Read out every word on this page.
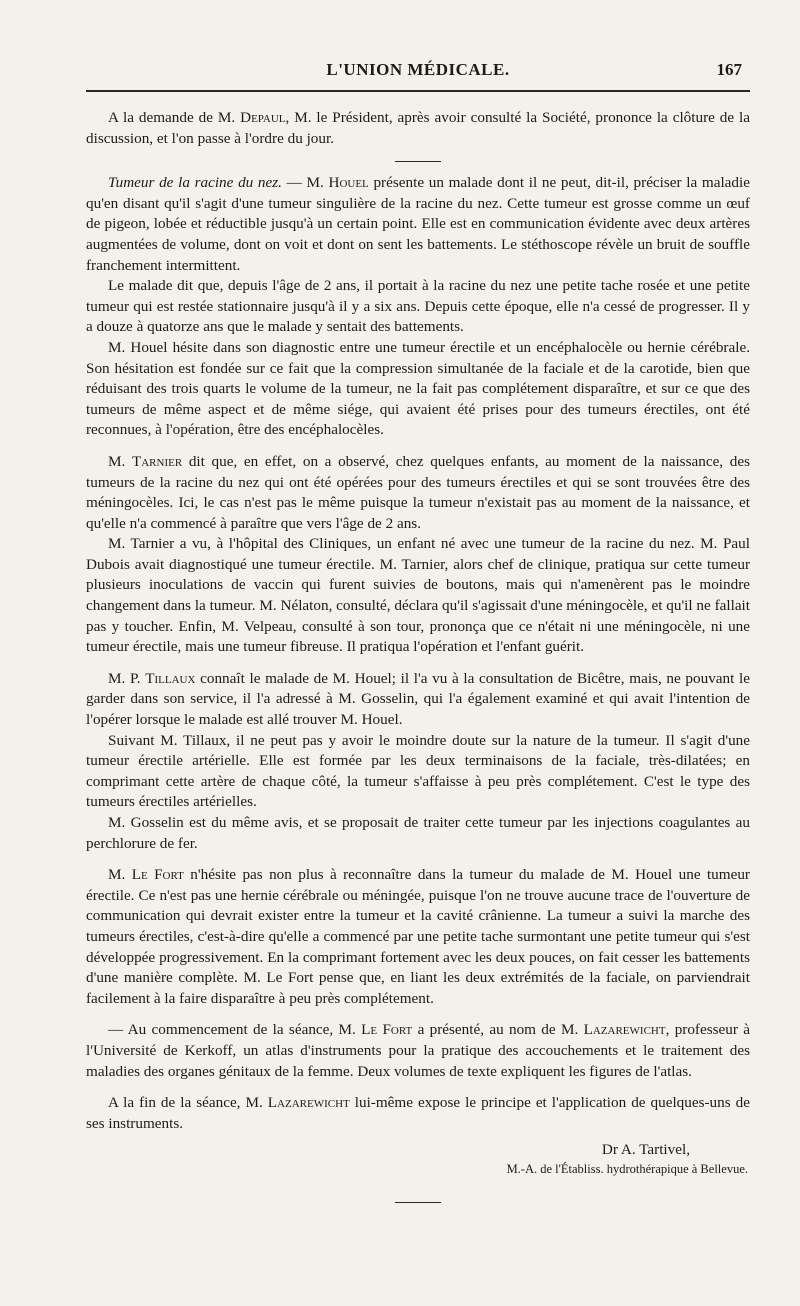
L'UNION MÉDICALE.	167

A la demande de M. Depaul, M. le Président, après avoir consulté la Société, prononce la clôture de la discussion, et l'on passe à l'ordre du jour.

Tumeur de la racine du nez. — M. Houel présente un malade dont il ne peut, dit-il, préciser la maladie qu'en disant qu'il s'agit d'une tumeur singulière de la racine du nez. Cette tumeur est grosse comme un œuf de pigeon, lobée et réductible jusqu'à un certain point. Elle est en communication évidente avec deux artères augmentées de volume, dont on voit et dont on sent les battements. Le stéthoscope révèle un bruit de souffle franchement intermittent.

Le malade dit que, depuis l'âge de 2 ans, il portait à la racine du nez une petite tache rosée et une petite tumeur qui est restée stationnaire jusqu'à il y a six ans. Depuis cette époque, elle n'a cessé de progresser. Il y a douze à quatorze ans que le malade y sentait des battements.

M. Houel hésite dans son diagnostic entre une tumeur érectile et un encéphalocèle ou hernie cérébrale. Son hésitation est fondée sur ce fait que la compression simultanée de la faciale et de la carotide, bien que réduisant des trois quarts le volume de la tumeur, ne la fait pas complétement disparaître, et sur ce que des tumeurs de même aspect et de même siége, qui avaient été prises pour des tumeurs érectiles, ont été reconnues, à l'opération, être des encéphalocèles.

M. Tarnier dit que, en effet, on a observé, chez quelques enfants, au moment de la naissance, des tumeurs de la racine du nez qui ont été opérées pour des tumeurs érectiles et qui se sont trouvées être des méningocèles. Ici, le cas n'est pas le même puisque la tumeur n'existait pas au moment de la naissance, et qu'elle n'a commencé à paraître que vers l'âge de 2 ans.

M. Tarnier a vu, à l'hôpital des Cliniques, un enfant né avec une tumeur de la racine du nez. M. Paul Dubois avait diagnostiqué une tumeur érectile. M. Tarnier, alors chef de clinique, pratiqua sur cette tumeur plusieurs inoculations de vaccin qui furent suivies de boutons, mais qui n'amenèrent pas le moindre changement dans la tumeur. M. Nélaton, consulté, déclara qu'il s'agissait d'une méningocèle, et qu'il ne fallait pas y toucher. Enfin, M. Velpeau, consulté à son tour, prononça que ce n'était ni une méningocèle, ni une tumeur érectile, mais une tumeur fibreuse. Il pratiqua l'opération et l'enfant guérit.

M. P. Tillaux connaît le malade de M. Houel; il l'a vu à la consultation de Bicêtre, mais, ne pouvant le garder dans son service, il l'a adressé à M. Gosselin, qui l'a également examiné et qui avait l'intention de l'opérer lorsque le malade est allé trouver M. Houel.

Suivant M. Tillaux, il ne peut pas y avoir le moindre doute sur la nature de la tumeur. Il s'agit d'une tumeur érectile artérielle. Elle est formée par les deux terminaisons de la faciale, très-dilatées; en comprimant cette artère de chaque côté, la tumeur s'affaisse à peu près complétement. C'est le type des tumeurs érectiles artérielles.

M. Gosselin est du même avis, et se proposait de traiter cette tumeur par les injections coagulantes au perchlorure de fer.

M. Le Fort n'hésite pas non plus à reconnaître dans la tumeur du malade de M. Houel une tumeur érectile. Ce n'est pas une hernie cérébrale ou méningée, puisque l'on ne trouve aucune trace de l'ouverture de communication qui devrait exister entre la tumeur et la cavité crânienne. La tumeur a suivi la marche des tumeurs érectiles, c'est-à-dire qu'elle a commencé par une petite tache surmontant une petite tumeur qui s'est développée progressivement. En la comprimant fortement avec les deux pouces, on fait cesser les battements d'une manière complète. M. Le Fort pense que, en liant les deux extrémités de la faciale, on parviendrait facilement à la faire disparaître à peu près complétement.

— Au commencement de la séance, M. Le Fort a présenté, au nom de M. Lazarewicht, professeur à l'Université de Kerkoff, un atlas d'instruments pour la pratique des accouchements et le traitement des maladies des organes génitaux de la femme. Deux volumes de texte expliquent les figures de l'atlas.

A la fin de la séance, M. Lazarewicht lui-même expose le principe et l'application de quelques-uns de ses instruments.

Dr A. Tartivel,
M.-A. de l'Établiss. hydrothérapique à Bellevue.
